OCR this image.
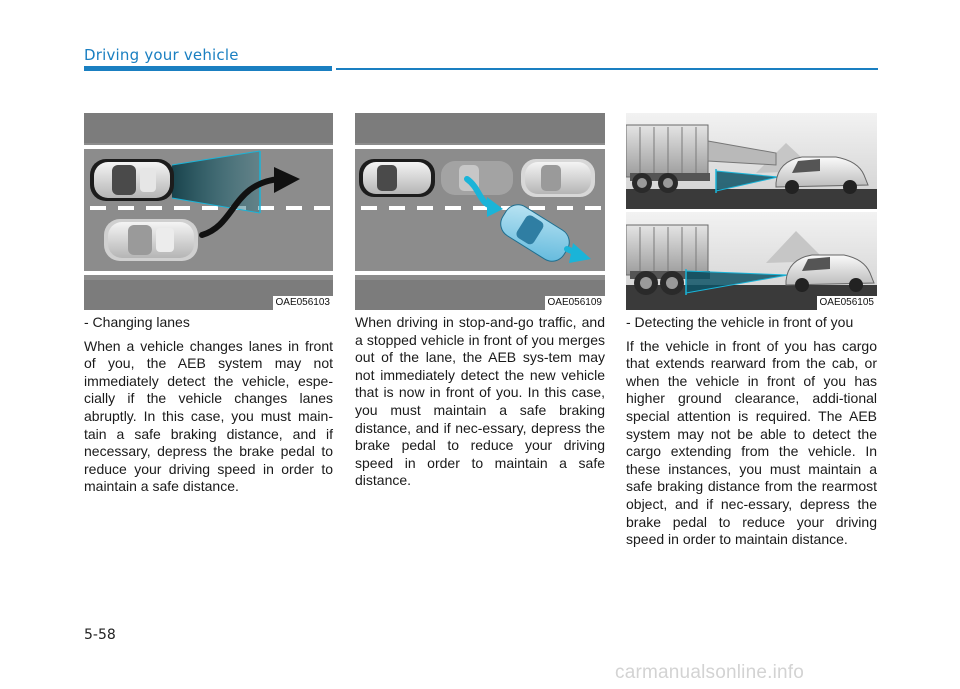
Driving your vehicle
OAE056103	OAE056109	OAE056105

- Changing lanes

When a vehicle changes lanes in front of you, the AEB system may not immediately detect the vehicle, espe-cially if the vehicle changes lanes abruptly. In this case, you must main-tain a safe braking distance, and if necessary, depress the brake pedal to reduce your driving speed in order to maintain a safe distance.

When driving in stop-and-go traffic, and a stopped vehicle in front of you merges out of the lane, the AEB sys-tem may not immediately detect the new vehicle that is now in front of you. In this case, you must maintain a safe braking distance, and if nec-essary, depress the brake pedal to reduce your driving speed in order to maintain a safe distance.

- Detecting the vehicle in front of you

If the vehicle in front of you has cargo that extends rearward from the cab, or when the vehicle in front of you has higher ground clearance, addi-tional special attention is required. The AEB system may not be able to detect the cargo extending from the vehicle. In these instances, you must maintain a safe braking distance from the rearmost object, and if nec-essary, depress the brake pedal to reduce your driving speed in order to maintain distance.

5-58
carmanualsonline.info
